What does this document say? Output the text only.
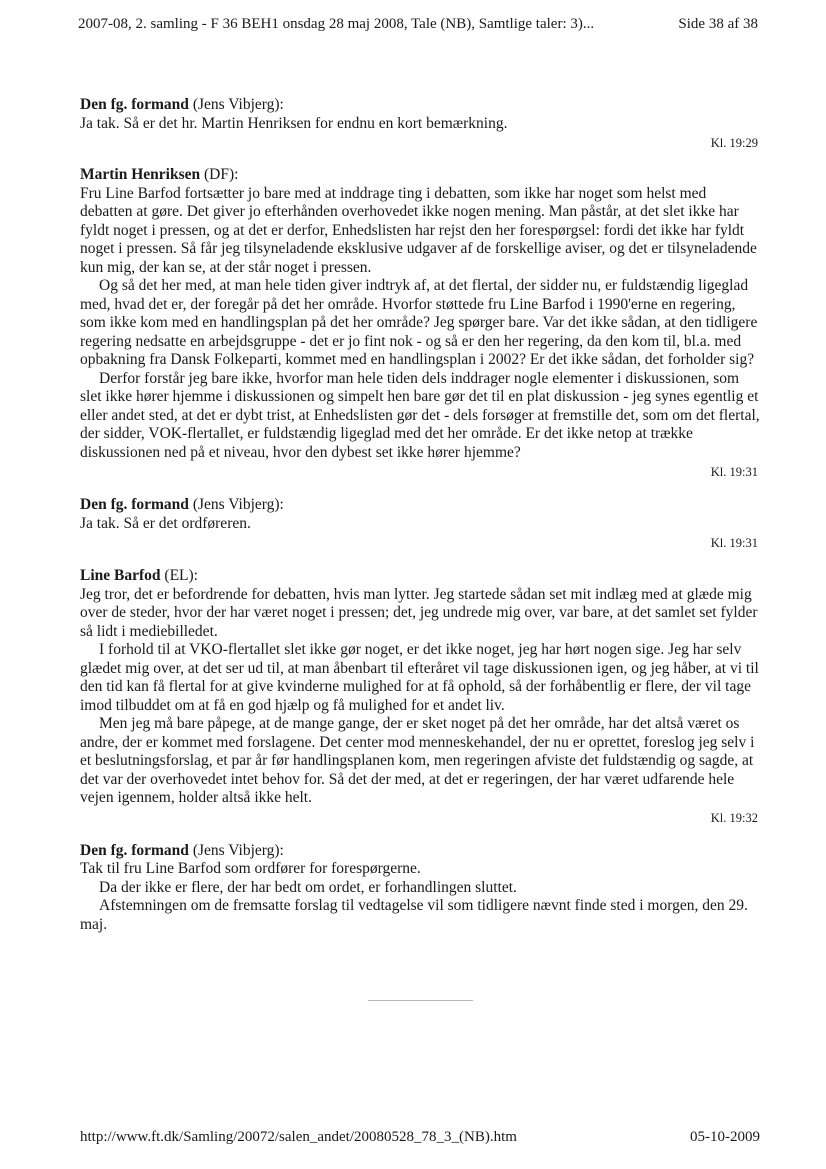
2007-08, 2. samling - F 36 BEH1 onsdag 28 maj 2008, Tale (NB), Samtlige taler: 3)...	Side 38 af 38

Den fg. formand (Jens Vibjerg):

Ja tak. Så er det hr. Martin Henriksen for endnu en kort bemærkning.

Kl. 19:29

Martin Henriksen (DF):

Fru Line Barfod fortsætter jo bare med at inddrage ting i debatten, som ikke har noget som helst med debatten at gøre. Det giver jo efterhånden overhovedet ikke nogen mening. Man påstår, at det slet ikke har fyldt noget i pressen, og at det er derfor, Enhedslisten har rejst den her forespørgsel: fordi det ikke har fyldt noget i pressen. Så får jeg tilsyneladende eksklusive udgaver af de forskellige aviser, og det er tilsyneladende kun mig, der kan se, at der står noget i pressen.

Og så det her med, at man hele tiden giver indtryk af, at det flertal, der sidder nu, er fuldstændig ligeglad med, hvad det er, der foregår på det her område. Hvorfor støttede fru Line Barfod i 1990'erne en regering, som ikke kom med en handlingsplan på det her område? Jeg spørger bare. Var det ikke sådan, at den tidligere regering nedsatte en arbejdsgruppe - det er jo fint nok - og så er den her regering, da den kom til, bl.a. med opbakning fra Dansk Folkeparti, kommet med en handlingsplan i 2002? Er det ikke sådan, det forholder sig?

Derfor forstår jeg bare ikke, hvorfor man hele tiden dels inddrager nogle elementer i diskussionen, som slet ikke hører hjemme i diskussionen og simpelt hen bare gør det til en plat diskussion - jeg synes egentlig et eller andet sted, at det er dybt trist, at Enhedslisten gør det - dels forsøger at fremstille det, som om det flertal, der sidder, VOK-flertallet, er fuldstændig ligeglad med det her område. Er det ikke netop at trække diskussionen ned på et niveau, hvor den dybest set ikke hører hjemme?

Kl. 19:31

Den fg. formand (Jens Vibjerg):

Ja tak. Så er det ordføreren.

Kl. 19:31

Line Barfod (EL):

Jeg tror, det er befordrende for debatten, hvis man lytter. Jeg startede sådan set mit indlæg med at glæde mig over de steder, hvor der har været noget i pressen; det, jeg undrede mig over, var bare, at det samlet set fylder så lidt i mediebilledet.

I forhold til at VKO-flertallet slet ikke gør noget, er det ikke noget, jeg har hørt nogen sige. Jeg har selv glædet mig over, at det ser ud til, at man åbenbart til efteråret vil tage diskussionen igen, og jeg håber, at vi til den tid kan få flertal for at give kvinderne mulighed for at få ophold, så der forhåbentlig er flere, der vil tage imod tilbuddet om at få en god hjælp og få mulighed for et andet liv.

Men jeg må bare påpege, at de mange gange, der er sket noget på det her område, har det altså været os andre, der er kommet med forslagene. Det center mod menneskehandel, der nu er oprettet, foreslog jeg selv i et beslutningsforslag, et par år før handlingsplanen kom, men regeringen afviste det fuldstændig og sagde, at det var der overhovedet intet behov for. Så det der med, at det er regeringen, der har været udfarende hele vejen igennem, holder altså ikke helt.

Kl. 19:32

Den fg. formand (Jens Vibjerg):

Tak til fru Line Barfod som ordfører for forespørgerne.

Da der ikke er flere, der har bedt om ordet, er forhandlingen sluttet.

Afstemningen om de fremsatte forslag til vedtagelse vil som tidligere nævnt finde sted i morgen, den 29. maj.

http://www.ft.dk/Samling/20072/salen_andet/20080528_78_3_(NB).htm	05-10-2009
